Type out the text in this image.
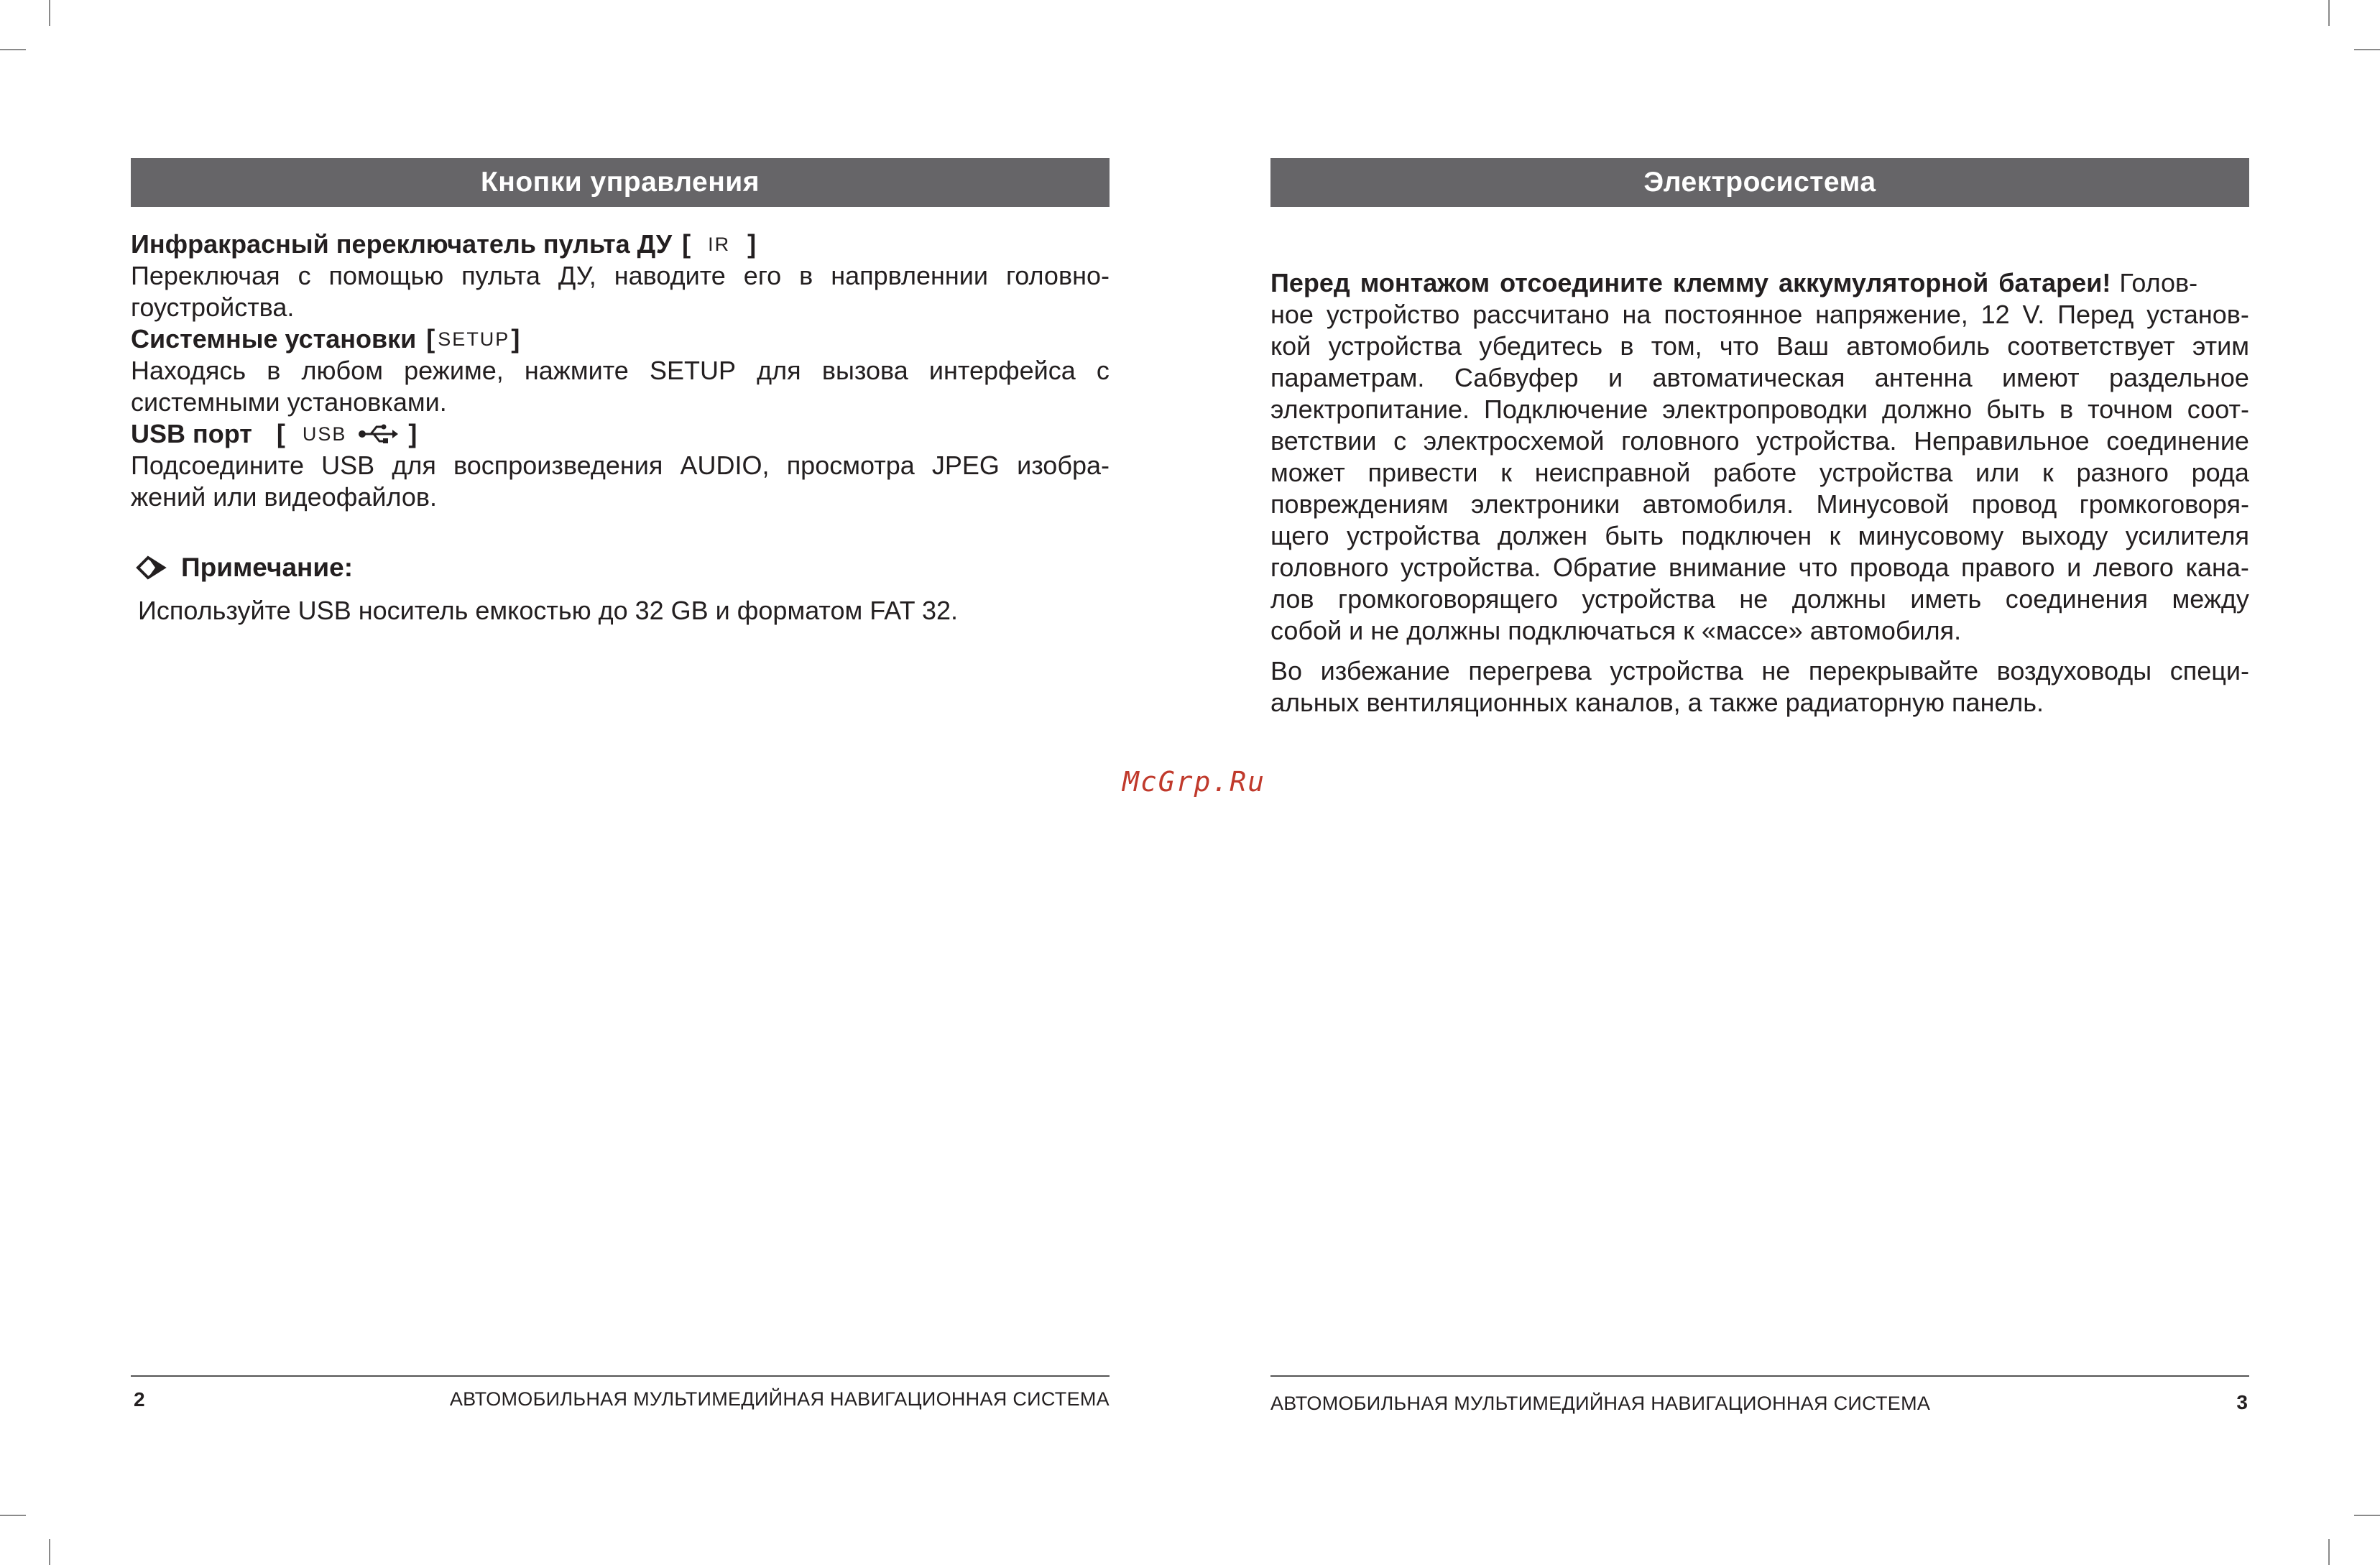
Кнопки управления
Инфракрасный переключатель пульта ДУ [ IR ]
Переключая с помощью пульта ДУ, наводите его в напрвленнии головно-
гоустройства.
Системные установки [ SETUP]
Находясь в любом режиме, нажмите SETUP для вызова интерфейса с
системными установками.
USB порт [ USB ]
Подсоедините USB для воспроизведения AUDIO, просмотра JPEG изобра-
жений или видеофайлов.
Примечание:
Используйте USB носитель емкостью до 32 GB и форматом FAT 32.
2	АВТОМОБИЛЬНАЯ МУЛЬТИМЕДИЙНАЯ НАВИГАЦИОННАЯ СИСТЕМА
Электросистема
Перед монтажом отсоедините клемму аккумуляторной батареи! Голов-
ное устройство рассчитано на постоянное напряжение, 12 V. Перед установ-
кой устройства убедитесь в том, что Ваш автомобиль соответствует этим
параметрам. Сабвуфер и автоматическая антенна имеют раздельное
электропитание. Подключение электропроводки должно быть в точном соот-
ветствии с электросхемой головного устройства. Неправильное соединение
может привести к неисправной работе устройства или к разного рода
повреждениям электроники автомобиля. Минусовой провод громкоговоря-
щего устройства должен быть подключен к минусовому выходу усилителя
головного устройства. Обратие внимание что провода правого и левого кана-
лов громкоговорящего устройства не должны иметь соединения между
собой и не должны подключаться к «массе» автомобиля.
Во избежание перегрева устройства не перекрывайте воздуховоды специ-
альных вентиляционных каналов, а также радиаторную панель.
АВТОМОБИЛЬНАЯ МУЛЬТИМЕДИЙНАЯ НАВИГАЦИОННАЯ СИСТЕМА	3
McGrp.Ru
